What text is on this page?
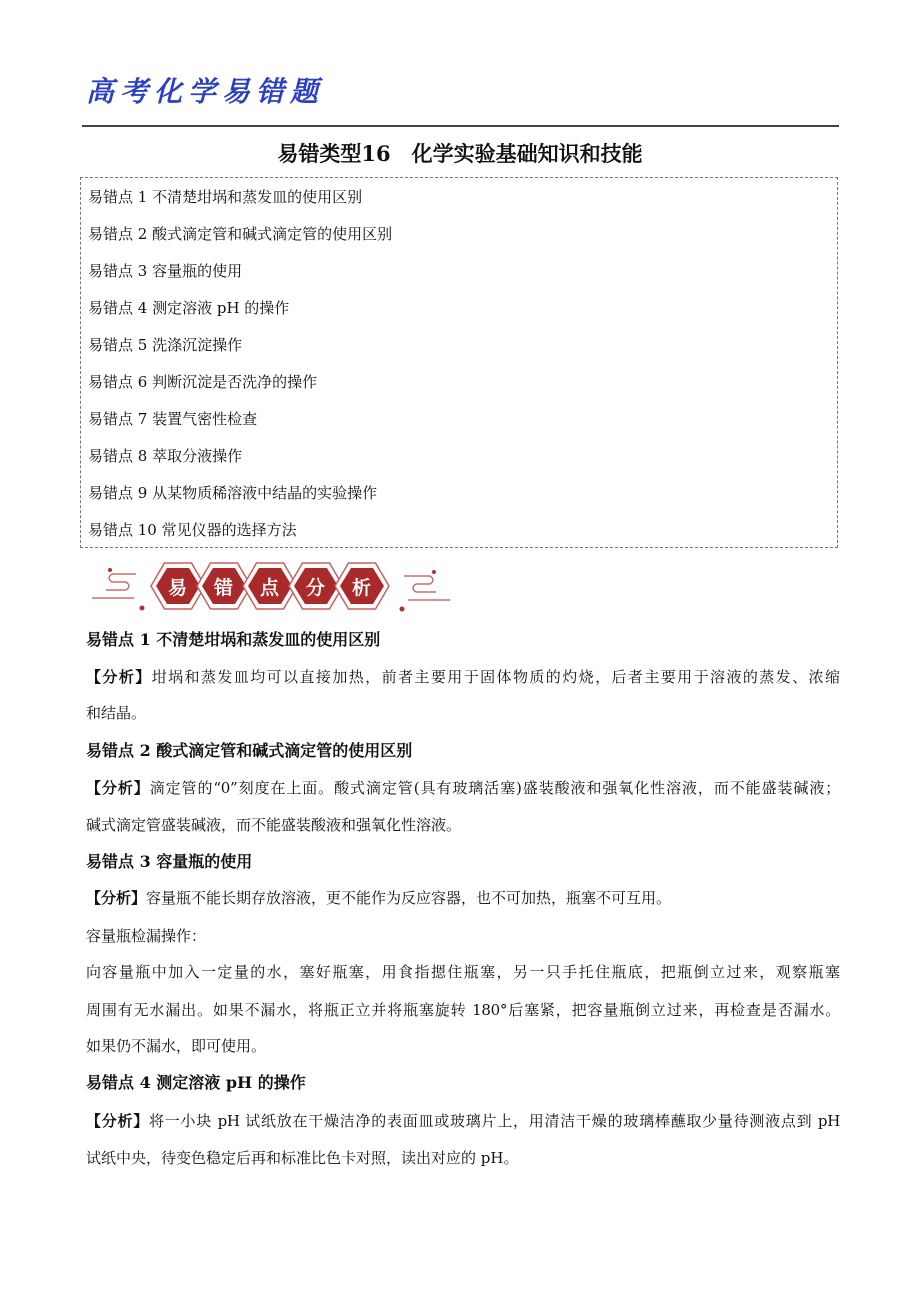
高考化学易错题
易错类型16　化学实验基础知识和技能
易错点 1 不清楚坩埚和蒸发皿的使用区别
易错点 2 酸式滴定管和碱式滴定管的使用区别
易错点 3 容量瓶的使用
易错点 4 测定溶液 pH 的操作
易错点 5 洗涤沉淀操作
易错点 6 判断沉淀是否洗净的操作
易错点 7 装置气密性检查
易错点 8 萃取分液操作
易错点 9 从某物质稀溶液中结晶的实验操作
易错点 10 常见仪器的选择方法
易 错 点 分 析
易错点 1 不清楚坩埚和蒸发皿的使用区别
【分析】坩埚和蒸发皿均可以直接加热，前者主要用于固体物质的灼烧，后者主要用于溶液的蒸发、浓缩
和结晶。
易错点 2 酸式滴定管和碱式滴定管的使用区别
【分析】滴定管的“0”刻度在上面。酸式滴定管(具有玻璃活塞)盛装酸液和强氧化性溶液，而不能盛装碱液；
碱式滴定管盛装碱液，而不能盛装酸液和强氧化性溶液。
易错点 3 容量瓶的使用
【分析】容量瓶不能长期存放溶液，更不能作为反应容器，也不可加热，瓶塞不可互用。
容量瓶检漏操作：
向容量瓶中加入一定量的水，塞好瓶塞，用食指摁住瓶塞，另一只手托住瓶底，把瓶倒立过来，观察瓶塞
周围有无水漏出。如果不漏水，将瓶正立并将瓶塞旋转 180°后塞紧，把容量瓶倒立过来，再检查是否漏水。
如果仍不漏水，即可使用。
易错点 4 测定溶液 pH 的操作
【分析】将一小块 pH 试纸放在干燥洁净的表面皿或玻璃片上，用清洁干燥的玻璃棒蘸取少量待测液点到 pH
试纸中央，待变色稳定后再和标准比色卡对照，读出对应的 pH。
